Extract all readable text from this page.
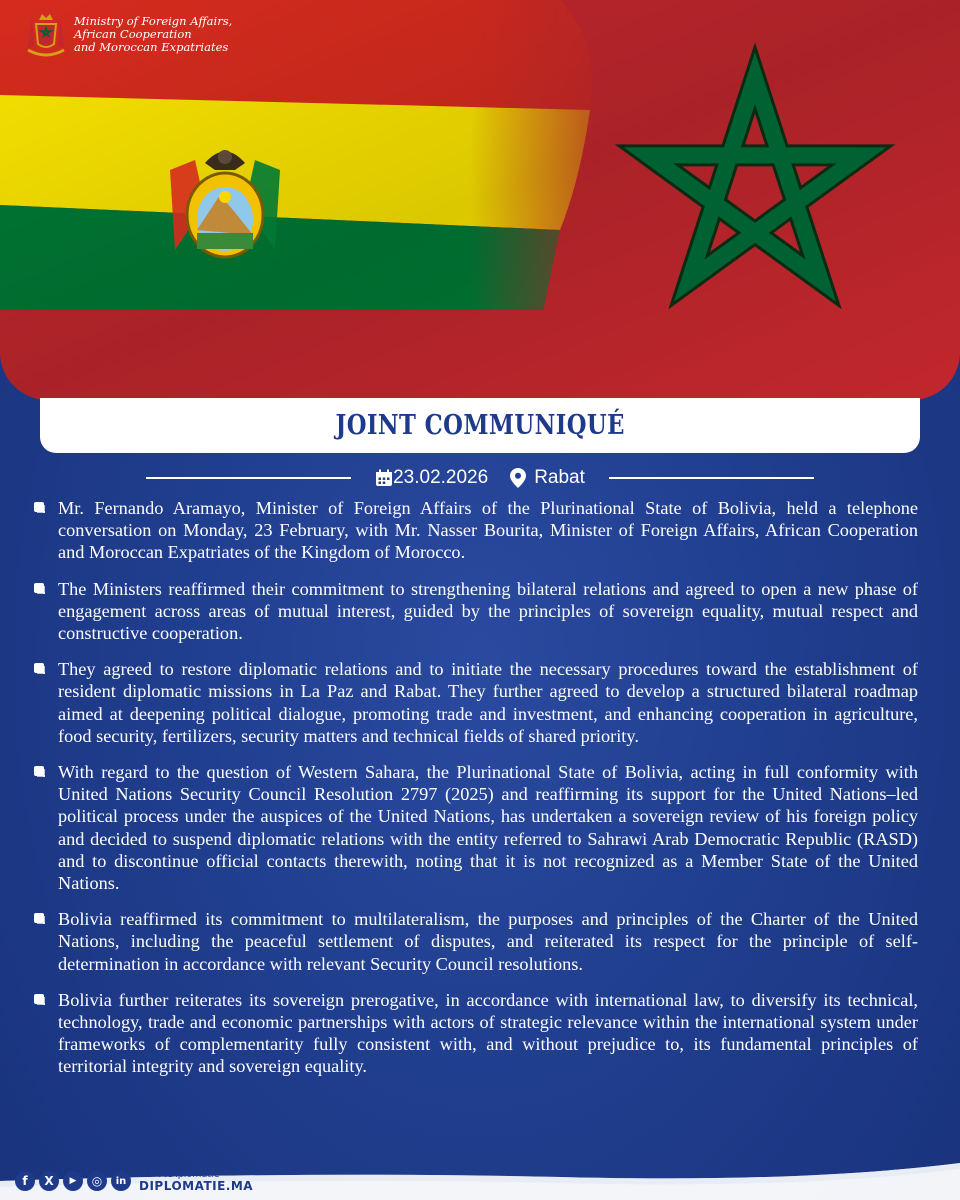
Ministry of Foreign Affairs,
African Cooperation
and Moroccan Expatriates
JOINT COMMUNIQUÉ
23.02.2026 Rabat
Mr. Fernando Aramayo, Minister of Foreign Affairs of the Plurinational State of Bolivia, held a telephone conversation on Monday, 23 February, with Mr. Nasser Bourita, Minister of Foreign Affairs, African Cooperation and Moroccan Expatriates of the Kingdom of Morocco.
The Ministers reaffirmed their commitment to strengthening bilateral relations and agreed to open a new phase of engagement across areas of mutual interest, guided by the principles of sovereign equality, mutual respect and constructive cooperation.
They agreed to restore diplomatic relations and to initiate the necessary procedures toward the establishment of resident diplomatic missions in La Paz and Rabat. They further agreed to develop a structured bilateral roadmap aimed at deepening political dialogue, promoting trade and investment, and enhancing cooperation in agriculture, food security, fertilizers, security matters and technical fields of shared priority.
With regard to the question of Western Sahara, the Plurinational State of Bolivia, acting in full conformity with United Nations Security Council Resolution 2797 (2025) and reaffirming its support for the United Nations–led political process under the auspices of the United Nations, has undertaken a sovereign review of his foreign policy and decided to suspend diplomatic relations with the entity referred to Sahrawi Arab Democratic Republic (RASD) and to discontinue official contacts therewith, noting that it is not recognized as a Member State of the United Nations.
Bolivia reaffirmed its commitment to multilateralism, the purposes and principles of the Charter of the United Nations, including the peaceful settlement of disputes, and reiterated its respect for the principle of self-determination in accordance with relevant Security Council resolutions.
Bolivia further reiterates its sovereign prerogative, in accordance with international law, to diversify its technical, technology, trade and economic partnerships with actors of strategic relevance within the international system under frameworks of complementarity fully consistent with, and without prejudice to, its fundamental principles of territorial integrity and sovereign equality.
f	X	▶	◎	in
MarocDiplomatie
DIPLOMATIE.MA
